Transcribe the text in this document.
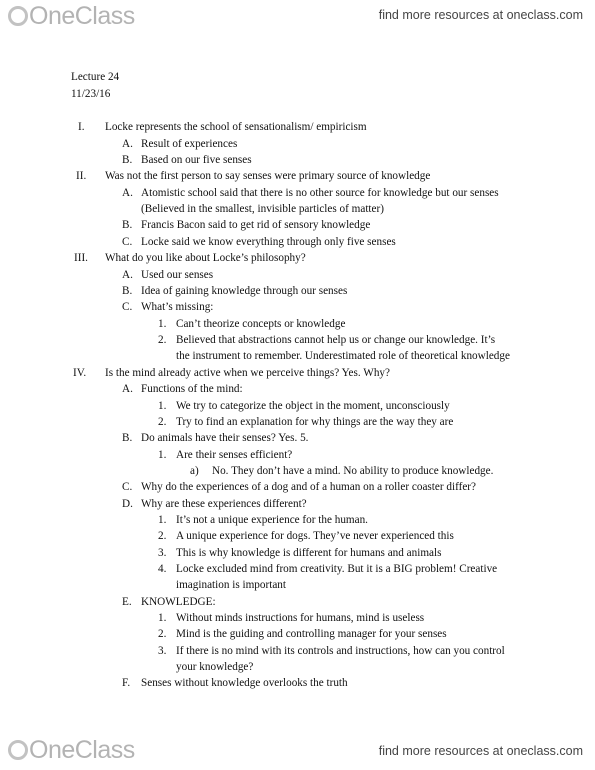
OneClass	find more resources at oneclass.com
Lecture 24
11/23/16
I. Locke represents the school of sensationalism/ empiricism
A. Result of experiences
B. Based on our five senses
II. Was not the first person to say senses were primary source of knowledge
A. Atomistic school said that there is no other source for knowledge but our senses
(Believed in the smallest, invisible particles of matter)
B. Francis Bacon said to get rid of sensory knowledge
C. Locke said we know everything through only five senses
III. What do you like about Locke’s philosophy?
A. Used our senses
B. Idea of gaining knowledge through our senses
C. What’s missing:
1. Can’t theorize concepts or knowledge
2. Believed that abstractions cannot help us or change our knowledge. It’s
the instrument to remember. Underestimated role of theoretical knowledge
IV. Is the mind already active when we perceive things? Yes. Why?
A. Functions of the mind:
1. We try to categorize the object in the moment, unconsciously
2. Try to find an explanation for why things are the way they are
B. Do animals have their senses? Yes. 5.
1. Are their senses efficient?
a) No. They don’t have a mind. No ability to produce knowledge.
C. Why do the experiences of a dog and of a human on a roller coaster differ?
D. Why are these experiences different?
1. It’s not a unique experience for the human.
2. A unique experience for dogs. They’ve never experienced this
3. This is why knowledge is different for humans and animals
4. Locke excluded mind from creativity. But it is a BIG problem! Creative
imagination is important
E. KNOWLEDGE:
1. Without minds instructions for humans, mind is useless
2. Mind is the guiding and controlling manager for your senses
3. If there is no mind with its controls and instructions, how can you control
your knowledge?
F. Senses without knowledge overlooks the truth
OneClass	find more resources at oneclass.com
